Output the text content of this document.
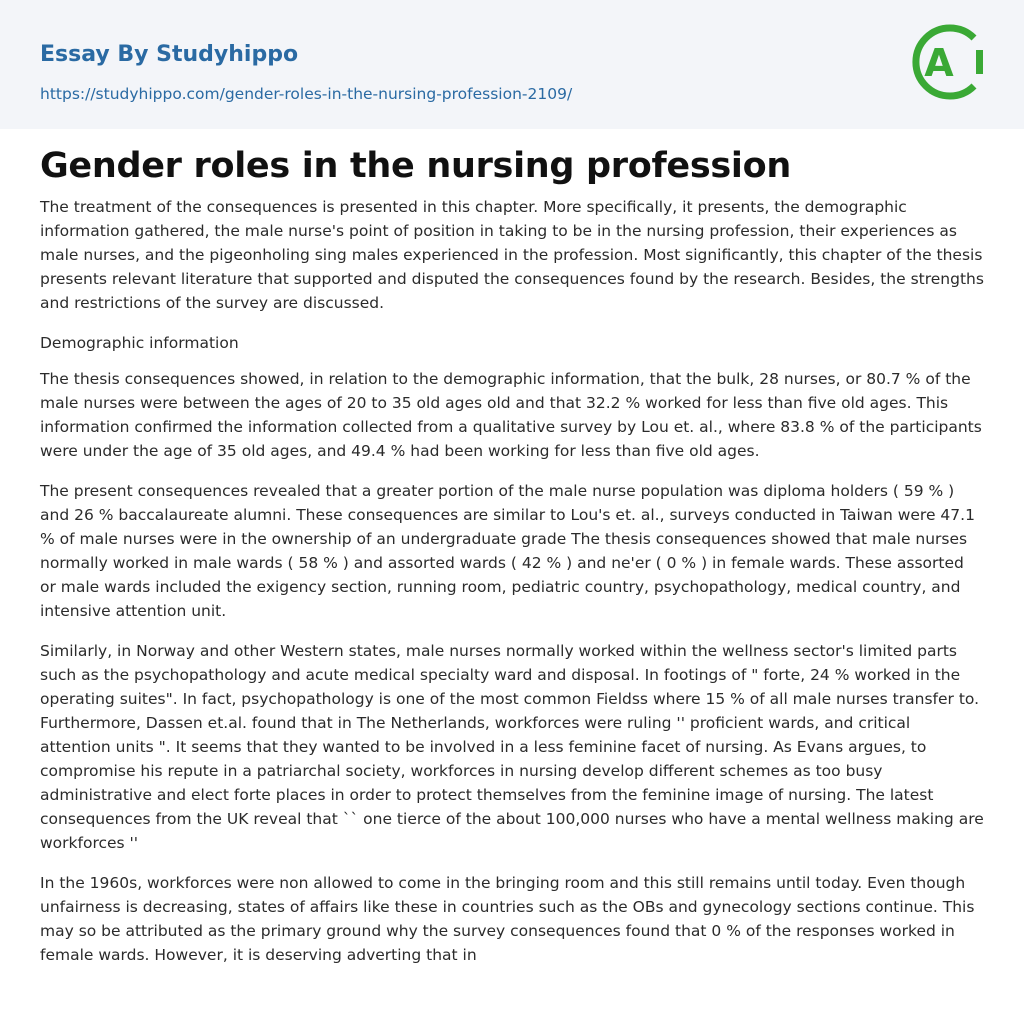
Essay By Studyhippo
https://studyhippo.com/gender-roles-in-the-nursing-profession-2109/
A
Gender roles in the nursing profession

The treatment of the consequences is presented in this chapter. More specifically, it presents, the demographic information gathered, the male nurse's point of position in taking to be in the nursing profession, their experiences as male nurses, and the pigeonholing sing males experienced in the profession. Most significantly, this chapter of the thesis presents relevant literature that supported and disputed the consequences found by the research. Besides, the strengths and restrictions of the survey are discussed.

Demographic information

The thesis consequences showed, in relation to the demographic information, that the bulk, 28 nurses, or 80.7 % of the male nurses were between the ages of 20 to 35 old ages old and that 32.2 % worked for less than five old ages. This information confirmed the information collected from a qualitative survey by Lou et. al., where 83.8 % of the participants were under the age of 35 old ages, and 49.4 % had been working for less than five old ages.

The present consequences revealed that a greater portion of the male nurse population was diploma holders ( 59 % ) and 26 % baccalaureate alumni. These consequences are similar to Lou's et. al., surveys conducted in Taiwan were 47.1 % of male nurses were in the ownership of an undergraduate grade The thesis consequences showed that male nurses normally worked in male wards ( 58 % ) and assorted wards ( 42 % ) and ne'er ( 0 % ) in female wards. These assorted or male wards included the exigency section, running room, pediatric country, psychopathology, medical country, and intensive attention unit.

Similarly, in Norway and other Western states, male nurses normally worked within the wellness sector's limited parts such as the psychopathology and acute medical specialty ward and disposal. In footings of " forte, 24 % worked in the operating suites". In fact, psychopathology is one of the most common Fieldss where 15 % of all male nurses transfer to. Furthermore, Dassen et.al. found that in The Netherlands, workforces were ruling '' proficient wards, and critical attention units ". It seems that they wanted to be involved in a less feminine facet of nursing. As Evans argues, to compromise his repute in a patriarchal society, workforces in nursing develop different schemes as too busy administrative and elect forte places in order to protect themselves from the feminine image of nursing. The latest consequences from the UK reveal that `` one tierce of the about 100,000 nurses who have a mental wellness making are workforces ''

In the 1960s, workforces were non allowed to come in the bringing room and this still remains until today. Even though unfairness is decreasing, states of affairs like these in countries such as the OBs and gynecology sections continue. This may so be attributed as the primary ground why the survey consequences found that 0 % of the responses worked in female wards. However, it is deserving adverting that in
